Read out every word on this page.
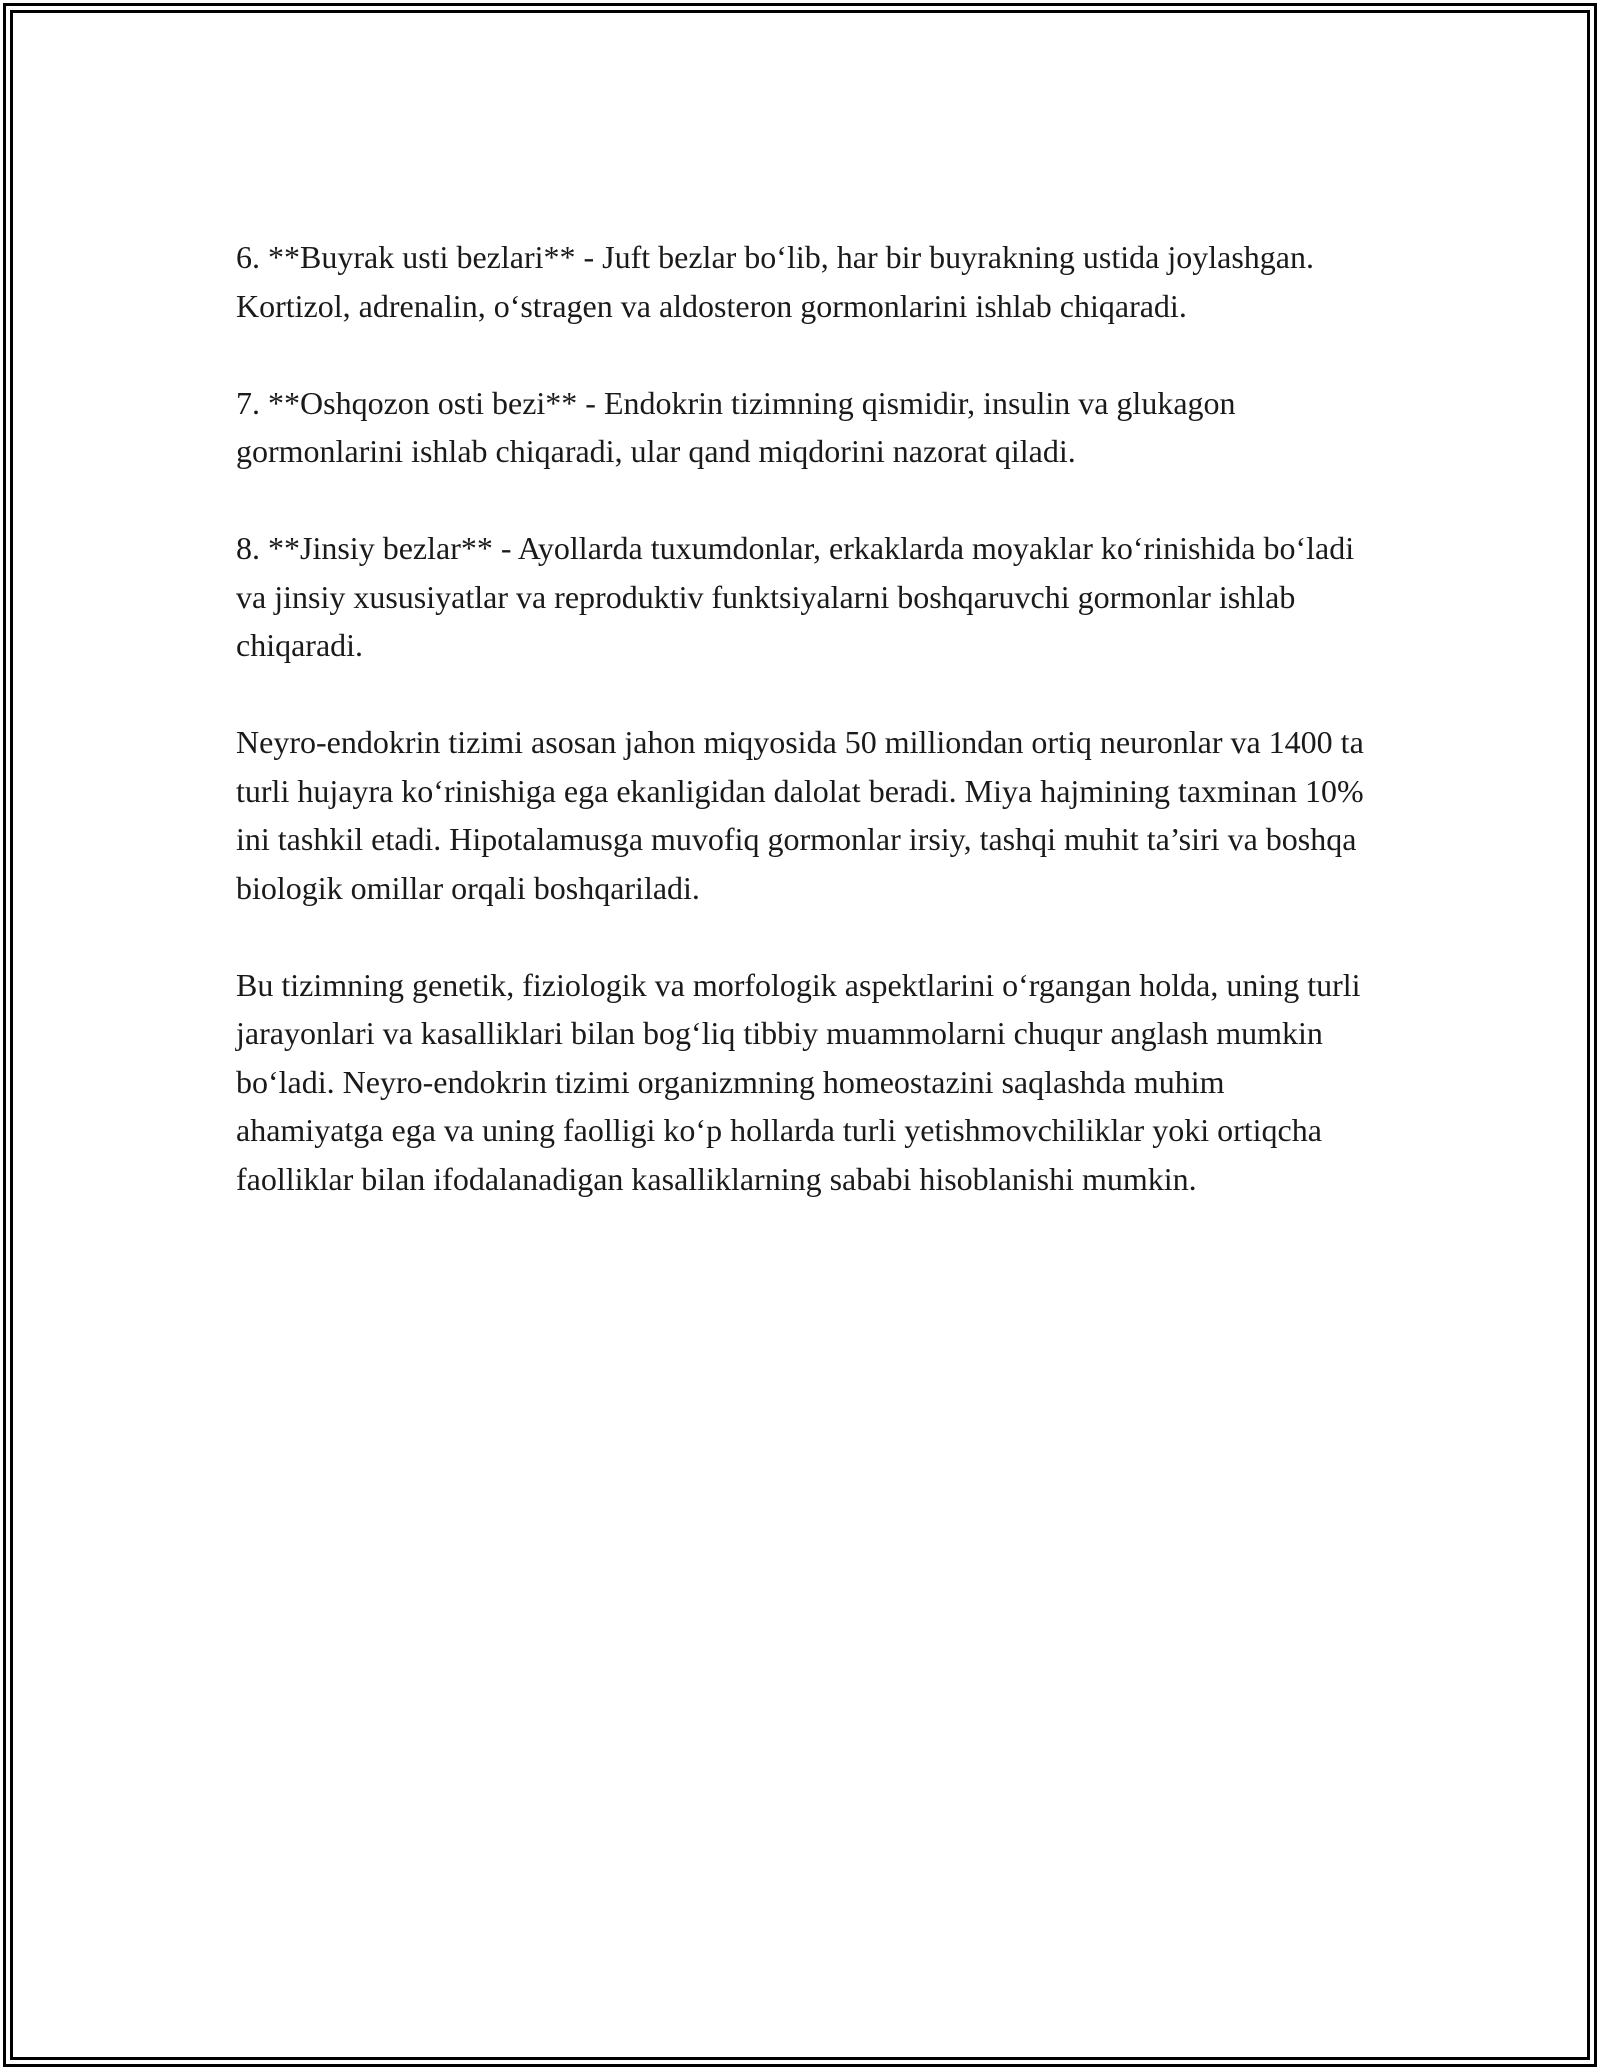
6. **Buyrak usti bezlari** - Juft bezlar bo‘lib, har bir buyrakning ustida joylashgan. Kortizol, adrenalin, o‘stragen va aldosteron gormonlarini ishlab chiqaradi.

7. **Oshqozon osti bezi** - Endokrin tizimning qismidir, insulin va glukagon gormonlarini ishlab chiqaradi, ular qand miqdorini nazorat qiladi.

8. **Jinsiy bezlar** - Ayollarda tuxumdonlar, erkaklarda moyaklar ko‘rinishida bo‘ladi va jinsiy xususiyatlar va reproduktiv funktsiyalarni boshqaruvchi gormonlar ishlab chiqaradi.

Neyro-endokrin tizimi asosan jahon miqyosida 50 milliondan ortiq neuronlar va 1400 ta turli hujayra ko‘rinishiga ega ekanligidan dalolat beradi. Miya hajmining taxminan 10% ini tashkil etadi. Hipotalamusga muvofiq gormonlar irsiy, tashqi muhit ta’siri va boshqa biologik omillar orqali boshqariladi.

Bu tizimning genetik, fiziologik va morfologik aspektlarini o‘rgangan holda, uning turli jarayonlari va kasalliklari bilan bog‘liq tibbiy muammolarni chuqur anglash mumkin bo‘ladi. Neyro-endokrin tizimi organizmning homeostazini saqlashda muhim ahamiyatga ega va uning faolligi ko‘p hollarda turli yetishmovchiliklar yoki ortiqcha faolliklar bilan ifodalanadigan kasalliklarning sababi hisoblanishi mumkin.
